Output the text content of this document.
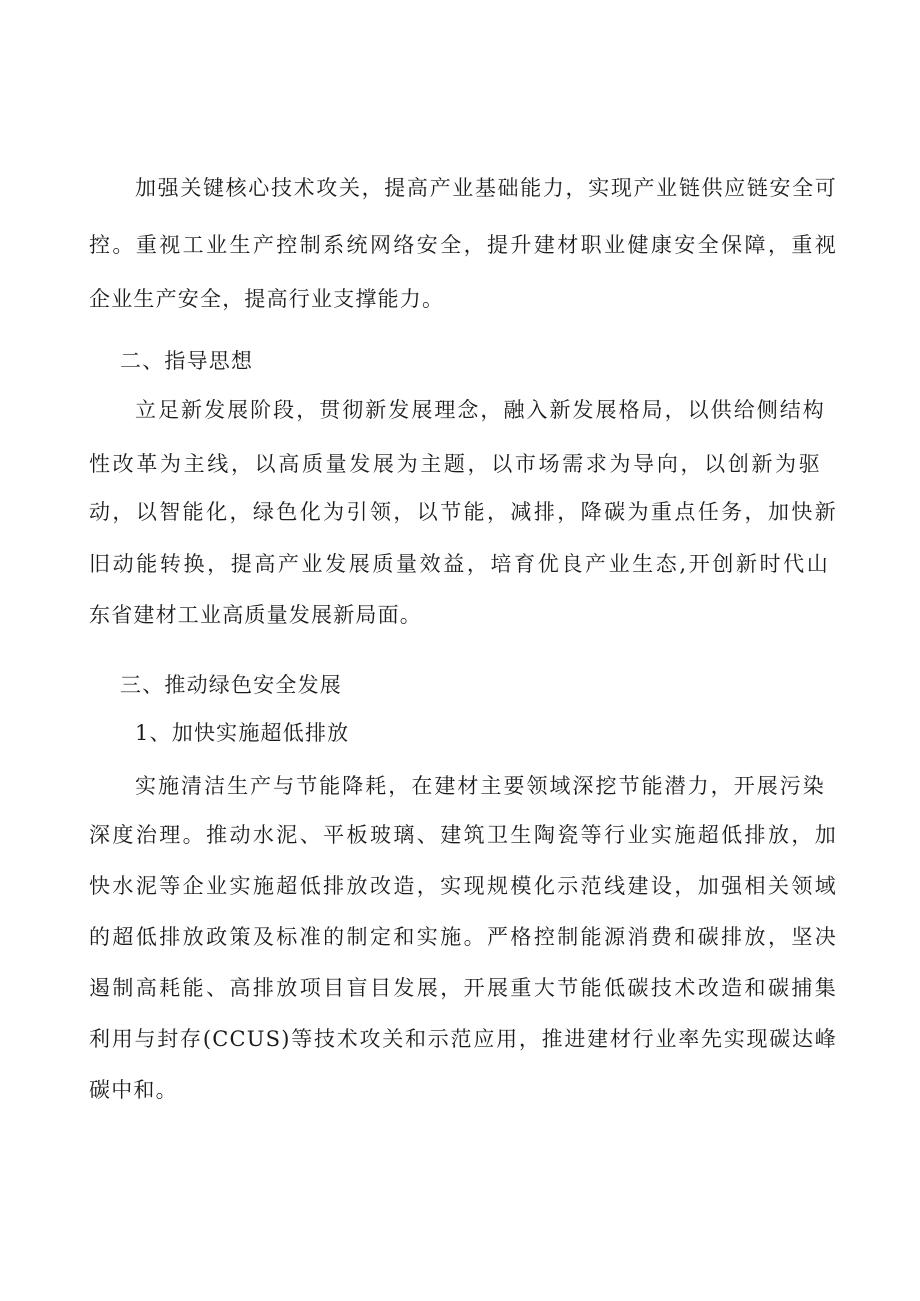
加强关键核心技术攻关，提高产业基础能力，实现产业链供应链安全可
控。重视工业生产控制系统网络安全，提升建材职业健康安全保障，重视
企业生产安全，提高行业支撑能力。
二、指导思想
立足新发展阶段，贯彻新发展理念，融入新发展格局，以供给侧结构
性改革为主线，以高质量发展为主题，以市场需求为导向，以创新为驱
动，以智能化，绿色化为引领，以节能，减排，降碳为重点任务，加快新
旧动能转换，提高产业发展质量效益，培育优良产业生态,开创新时代山
东省建材工业高质量发展新局面。
三、推动绿色安全发展
1、加快实施超低排放
实施清洁生产与节能降耗，在建材主要领域深挖节能潜力，开展污染
深度治理。推动水泥、平板玻璃、建筑卫生陶瓷等行业实施超低排放，加
快水泥等企业实施超低排放改造，实现规模化示范线建设，加强相关领域
的超低排放政策及标准的制定和实施。严格控制能源消费和碳排放，坚决
遏制高耗能、高排放项目盲目发展，开展重大节能低碳技术改造和碳捕集
利用与封存(CCUS)等技术攻关和示范应用，推进建材行业率先实现碳达峰
碳中和。
